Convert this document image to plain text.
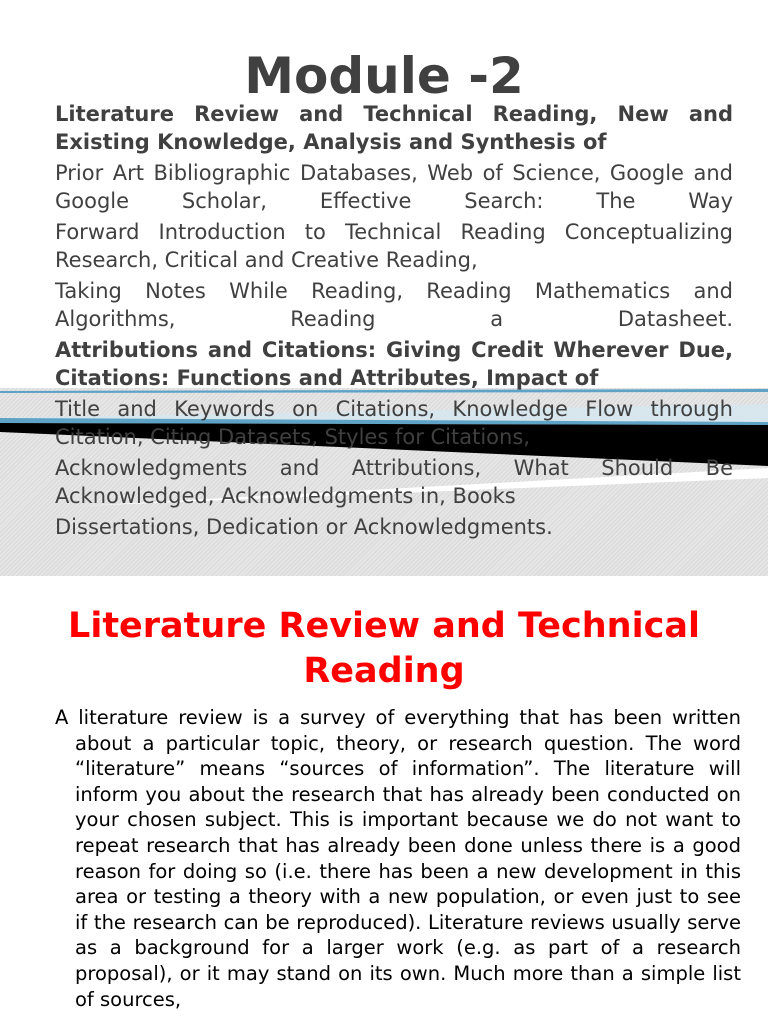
Module -2

Literature Review and Technical Reading, New and Existing Knowledge, Analysis and Synthesis of

Prior Art Bibliographic Databases, Web of Science, Google and Google Scholar, Effective Search: The Way

Forward Introduction to Technical Reading Conceptualizing Research, Critical and Creative Reading,

Taking Notes While Reading, Reading Mathematics and Algorithms, Reading a Datasheet.

Attributions and Citations: Giving Credit Wherever Due, Citations: Functions and Attributes, Impact of

Title and Keywords on Citations, Knowledge Flow through Citation, Citing Datasets, Styles for Citations,

Acknowledgments and Attributions, What Should Be Acknowledged, Acknowledgments in, Books

Dissertations, Dedication or Acknowledgments.

Literature Review and Technical Reading

A literature review is a survey of everything that has been written about a particular topic, theory, or research question. The word “literature” means “sources of information”. The literature will inform you about the research that has already been conducted on your chosen subject. This is important because we do not want to repeat research that has already been done unless there is a good reason for doing so (i.e. there has been a new development in this area or testing a theory with a new population, or even just to see if the research can be reproduced). Literature reviews usually serve as a background for a larger work (e.g. as part of a research proposal), or it may stand on its own. Much more than a simple list of sources,
